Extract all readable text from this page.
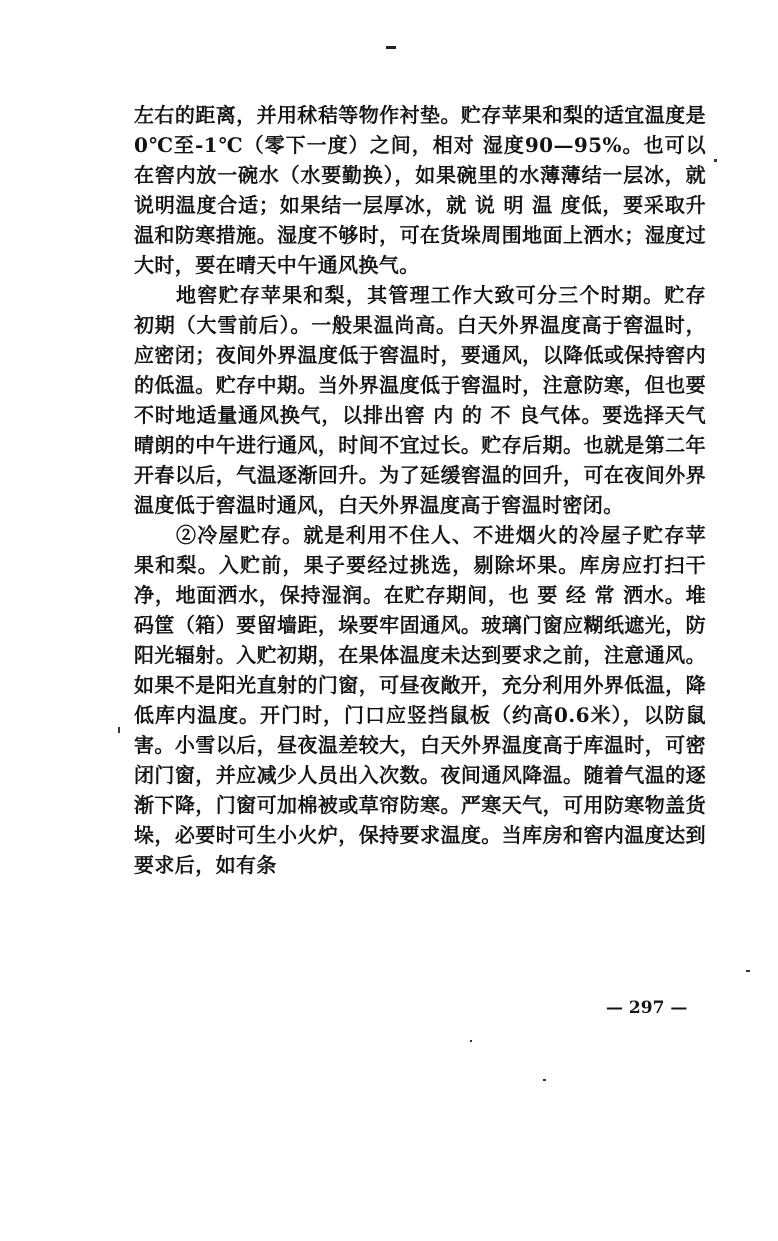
左右的距离，并用秫秸等物作衬垫。贮存苹果和梨的适宜温度是0℃至-1℃（零下一度）之间，相对 湿度90—95%。也可以在窖内放一碗水（水要勤换），如果碗里的水薄薄结一层冰，就说明温度合适；如果结一层厚冰，就 说 明 温 度低，要采取升温和防寒措施。湿度不够时，可在货垛周围地面上洒水；湿度过大时，要在晴天中午通风换气。

地窖贮存苹果和梨，其管理工作大致可分三个时期。贮存初期（大雪前后）。一般果温尚高。白天外界温度高于窖温时，应密闭；夜间外界温度低于窖温时，要通风，以降低或保持窖内的低温。贮存中期。当外界温度低于窖温时，注意防寒，但也要不时地适量通风换气，以排出窖 内 的 不 良气体。要选择天气晴朗的中午进行通风，时间不宜过长。贮存后期。也就是第二年开春以后，气温逐渐回升。为了延缓窖温的回升，可在夜间外界温度低于窖温时通风，白天外界温度高于窖温时密闭。

②冷屋贮存。就是利用不住人、不进烟火的冷屋子贮存苹果和梨。入贮前，果子要经过挑选，剔除坏果。库房应打扫干净，地面洒水，保持湿润。在贮存期间，也 要 经 常 洒水。堆码筐（箱）要留墙距，垛要牢固通风。玻璃门窗应糊纸遮光，防阳光辐射。入贮初期，在果体温度未达到要求之前，注意通风。如果不是阳光直射的门窗，可昼夜敞开，充分利用外界低温，降低库内温度。开门时，门口应竖挡鼠板（约高0.6米），以防鼠害。小雪以后，昼夜温差较大，白天外界温度高于库温时，可密闭门窗，并应减少人员出入次数。夜间通风降温。随着气温的逐渐下降，门窗可加棉被或草帘防寒。严寒天气，可用防寒物盖货垛，必要时可生小火炉，保持要求温度。当库房和窖内温度达到要求后，如有条

— 297 —
